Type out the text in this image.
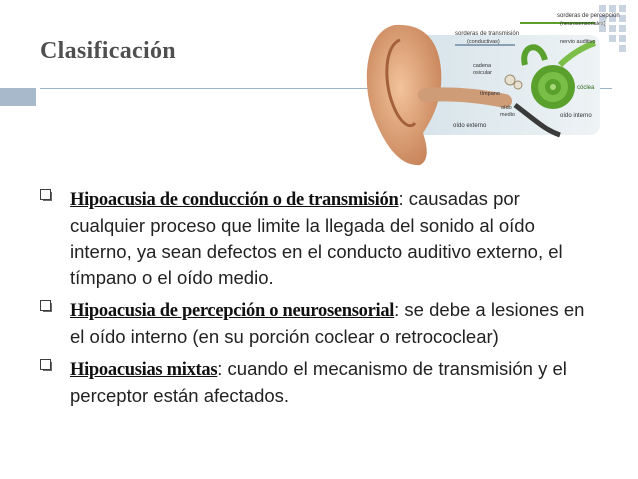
Clasificación
sorderas de percepción
(neurosensoriales)
sorderas de transmisión
(conductivas)	nervio auditivo
cadena
osicular
cóclea
tímpano
oído
medio	oído interno
oído externo
Hipoacusia de conducción o de transmisión: causadas por cualquier proceso que limite la llegada del sonido al oído interno, ya sean defectos en el conducto auditivo externo, el tímpano o el oído medio.
Hipoacusia de percepción o neurosensorial: se debe a lesiones en el oído interno (en su porción coclear o retrococlear)
Hipoacusias mixtas: cuando el mecanismo de transmisión y el perceptor están afectados.
